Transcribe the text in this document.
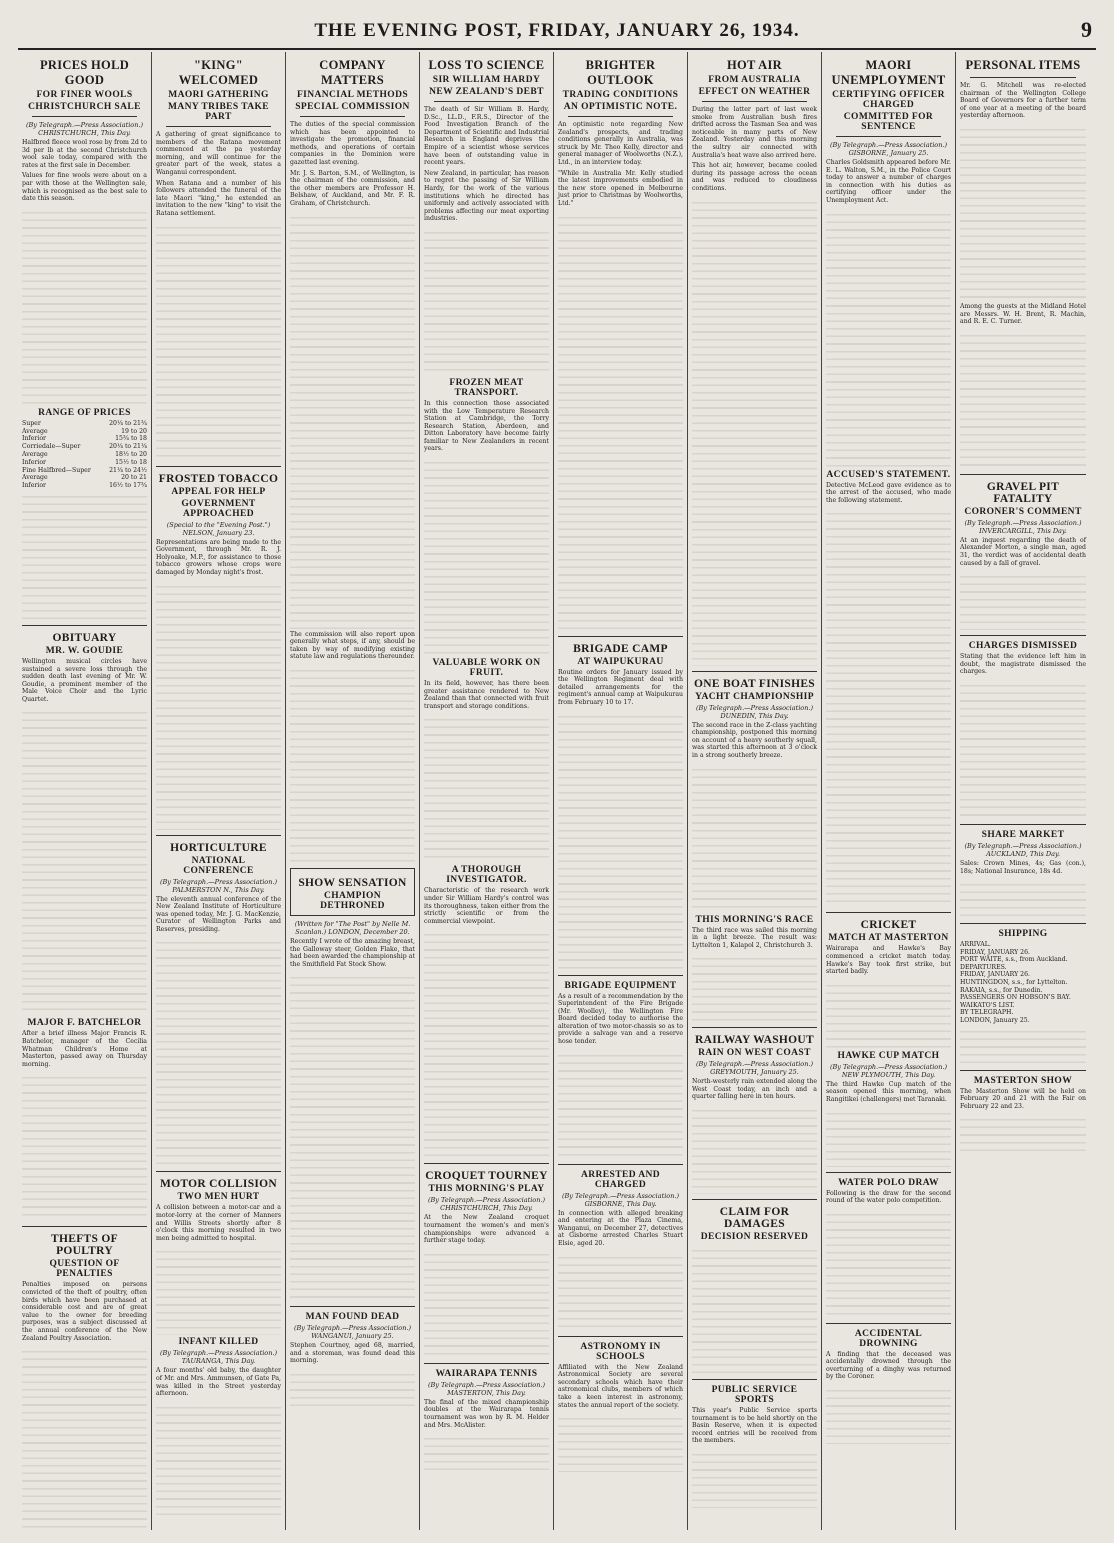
THE EVENING POST, FRIDAY, JANUARY 26, 1934.	9
PRICES HOLD GOOD
FOR FINER WOOLS
CHRISTCHURCH SALE
(By Telegraph.—Press Association.) CHRISTCHURCH, This Day.

Halfbred fleece wool rose by from 2d to 3d per lb at the second Christchurch wool sale today, compared with the rates at the first sale in December.

Values for fine wools were about on a par with those at the Wellington sale, which is recognised as the best sale to date this season.

RANGE OF PRICES
Super	20¼ to 21¾
Average	19 to 20
Inferior	15¾ to 18
Corriedale—Super	20¼ to 21¼
Average	18½ to 20
Inferior	15½ to 18
Fine Halfbred—Super	21¼ to 24½
Average	20 to 21
Inferior	16½ to 17¾
OBITUARY
MR. W. GOUDIE

Wellington musical circles have sustained a severe loss through the sudden death last evening of Mr. W. Goudie, a prominent member of the Male Voice Choir and the Lyric Quartet.

MAJOR F. BATCHELOR

After a brief illness Major Francis R. Batchelor, manager of the Cecilia Whatman Children's Home at Masterton, passed away on Thursday morning.

THEFTS OF POULTRY
QUESTION OF PENALTIES

Penalties imposed on persons convicted of the theft of poultry, often birds which have been purchased at considerable cost and are of great value to the owner for breeding purposes, was a subject discussed at the annual conference of the New Zealand Poultry Association.

"KING" WELCOMED
MAORI GATHERING
MANY TRIBES TAKE PART

A gathering of great significance to members of the Ratana movement commenced at the pa yesterday morning, and will continue for the greater part of the week, states a Wanganui correspondent.

When Ratana and a number of his followers attended the funeral of the late Maori "king," he extended an invitation to the new "king" to visit the Ratana settlement.

FROSTED TOBACCO
APPEAL FOR HELP
GOVERNMENT APPROACHED
(Special to the "Evening Post.") NELSON, January 23.

Representations are being made to the Government, through Mr. R. J. Holyoake, M.P., for assistance to those tobacco growers whose crops were damaged by Monday night's frost.

HORTICULTURE
NATIONAL CONFERENCE
(By Telegraph.—Press Association.) PALMERSTON N., This Day.

The eleventh annual conference of the New Zealand Institute of Horticulture was opened today, Mr. J. G. MacKenzie, Curator of Wellington Parks and Reserves, presiding.

MOTOR COLLISION
TWO MEN HURT

A collision between a motor-car and a motor-lorry at the corner of Manners and Willis Streets shortly after 8 o'clock this morning resulted in two men being admitted to hospital.

INFANT KILLED
(By Telegraph.—Press Association.) TAURANGA, This Day.

A four months' old baby, the daughter of Mr. and Mrs. Ammunsen, of Gate Pa, was killed in the Street yesterday afternoon.

COMPANY MATTERS
FINANCIAL METHODS
SPECIAL COMMISSION

The duties of the special commission which has been appointed to investigate the promotion, financial methods, and operations of certain companies in the Dominion were gazetted last evening.

Mr. J. S. Barton, S.M., of Wellington, is the chairman of the commission, and the other members are Professor H. Belshaw, of Auckland, and Mr. F. R. Graham, of Christchurch.

The commission will also report upon generally what steps, if any, should be taken by way of modifying existing statute law and regulations thereunder.

SHOW SENSATION
CHAMPION DETHRONED
(Written for "The Post" by Nelle M. Scanlan.) LONDON, December 20.

Recently I wrote of the amazing breast, the Galloway steer, Golden Flake, that had been awarded the championship at the Smithfield Fat Stock Show.

MAN FOUND DEAD
(By Telegraph.—Press Association.) WANGANUI, January 25.

Stephen Courtney, aged 68, married, and a storeman, was found dead this morning.

LOSS TO SCIENCE
SIR WILLIAM HARDY
NEW ZEALAND'S DEBT

The death of Sir William B. Hardy, D.Sc., LL.D., F.R.S., Director of the Food Investigation Branch of the Department of Scientific and Industrial Research in England deprives the Empire of a scientist whose services have been of outstanding value in recent years.

New Zealand, in particular, has reason to regret the passing of Sir William Hardy, for the work of the various institutions which he directed has uniformly and actively associated with problems affecting our meat exporting industries.

FROZEN MEAT TRANSPORT.

In this connection those associated with the Low Temperature Research Station at Cambridge, the Torry Research Station, Aberdeen, and Ditton Laboratory have become fairly familiar to New Zealanders in recent years.

VALUABLE WORK ON FRUIT.

In its field, however, has there been greater assistance rendered to New Zealand than that connected with fruit transport and storage conditions.

A THOROUGH INVESTIGATOR.

Characteristic of the research work under Sir William Hardy's control was its thoroughness, taken either from the strictly scientific or from the commercial viewpoint.

CROQUET TOURNEY
THIS MORNING'S PLAY
(By Telegraph.—Press Association.) CHRISTCHURCH, This Day.

At the New Zealand croquet tournament the women's and men's championships were advanced a further stage today.

WAIRARAPA TENNIS
(By Telegraph.—Press Association.) MASTERTON, This Day.

The final of the mixed championship doubles at the Wairarapa tennis tournament was won by R. M. Helder and Mrs. McAlister.

BRIGHTER OUTLOOK
TRADING CONDITIONS
AN OPTIMISTIC NOTE.

An optimistic note regarding New Zealand's prospects, and trading conditions generally in Australia, was struck by Mr. Theo Kelly, director and general manager of Woolworths (N.Z.), Ltd., in an interview today.

"While in Australia Mr. Kelly studied the latest improvements embodied in the new store opened in Melbourne just prior to Christmas by Woolworths, Ltd."

BRIGADE CAMP
AT WAIPUKURAU

Routine orders for January issued by the Wellington Regiment deal with detailed arrangements for the regiment's annual camp at Waipukurau from February 10 to 17.

BRIGADE EQUIPMENT

As a result of a recommendation by the Superintendent of the Fire Brigade (Mr. Woolley), the Wellington Fire Board decided today to authorise the alteration of two motor-chassis so as to provide a salvage van and a reserve hose tender.

ARRESTED AND CHARGED
(By Telegraph.—Press Association.) GISBORNE, This Day.

In connection with alleged breaking and entering at the Plaza Cinema, Wanganui, on December 27, detectives at Gisborne arrested Charles Stuart Elsie, aged 20.

ASTRONOMY IN SCHOOLS

Affiliated with the New Zealand Astronomical Society are several secondary schools which have their astronomical clubs, members of which take a keen interest in astronomy, states the annual report of the society.

HOT AIR
FROM AUSTRALIA
EFFECT ON WEATHER

During the latter part of last week smoke from Australian bush fires drifted across the Tasman Sea and was noticeable in many parts of New Zealand. Yesterday and this morning the sultry air connected with Australia's heat wave also arrived here.

This hot air, however, became cooled during its passage across the ocean and was reduced to cloudiness conditions.

ONE BOAT FINISHES
YACHT CHAMPIONSHIP
(By Telegraph.—Press Association.) DUNEDIN, This Day.

The second race in the Z-class yachting championship, postponed this morning on account of a heavy southerly squall, was started this afternoon at 3 o'clock in a strong southerly breeze.

THIS MORNING'S RACE

The third race was sailed this morning in a light breeze. The result was: Lyttelton 1, Kalapol 2, Christchurch 3.

RAILWAY WASHOUT
RAIN ON WEST COAST
(By Telegraph.—Press Association.) GREYMOUTH, January 25.

North-westerly rain extended along the West Coast today, an inch and a quarter falling here in ten hours.

CLAIM FOR DAMAGES
DECISION RESERVED
PUBLIC SERVICE SPORTS

This year's Public Service sports tournament is to be held shortly on the Basin Reserve, when it is expected record entries will be received from the members.

MAORI UNEMPLOYMENT
CERTIFYING OFFICER CHARGED
COMMITTED FOR SENTENCE
(By Telegraph.—Press Association.) GISBORNE, January 25.

Charles Goldsmith appeared before Mr. E. L. Walton, S.M., in the Police Court today to answer a number of charges in connection with his duties as certifying officer under the Unemployment Act.

ACCUSED'S STATEMENT.

Detective McLeod gave evidence as to the arrest of the accused, who made the following statement.

CRICKET
MATCH AT MASTERTON

Wairarapa and Hawke's Bay commenced a cricket match today. Hawke's Bay took first strike, but started badly.

HAWKE CUP MATCH
(By Telegraph.—Press Association.) NEW PLYMOUTH, This Day.

The third Hawke Cup match of the season opened this morning, when Rangitikei (challengers) met Taranaki.

WATER POLO DRAW

Following is the draw for the second round of the water polo competition.

ACCIDENTAL DROWNING

A finding that the deceased was accidentally drowned through the overturning of a dinghy was returned by the Coroner.

PERSONAL ITEMS

Mr. G. Mitchell was re-elected chairman of the Wellington College Board of Governors for a further term of one year at a meeting of the board yesterday afternoon.

Among the guests at the Midland Hotel are Messrs. W. H. Brent, R. Machin, and R. E. C. Turner.

GRAVEL PIT FATALITY
CORONER'S COMMENT
(By Telegraph.—Press Association.) INVERCARGILL, This Day.

At an inquest regarding the death of Alexander Morton, a single man, aged 31, the verdict was of accidental death caused by a fall of gravel.

CHARGES DISMISSED

Stating that the evidence left him in doubt, the magistrate dismissed the charges.

SHARE MARKET
(By Telegraph.—Press Association.) AUCKLAND, This Day.

Sales: Crown Mines, 4s; Gas (con.), 18s; National Insurance, 18s 4d.

SHIPPING

ARRIVAL.

FRIDAY, JANUARY 26.

PORT WAITE, s.s., from Auckland.

DEPARTURES.

FRIDAY, JANUARY 26.

HUNTINGDON, s.s., for Lyttelton.

RAKAIA, s.s., for Dunedin.

PASSENGERS ON HOBSON'S BAY.

WAIKATO'S LIST.

BY TELEGRAPH.

LONDON, January 25.

MASTERTON SHOW

The Masterton Show will be held on February 20 and 21 with the Fair on February 22 and 23.
